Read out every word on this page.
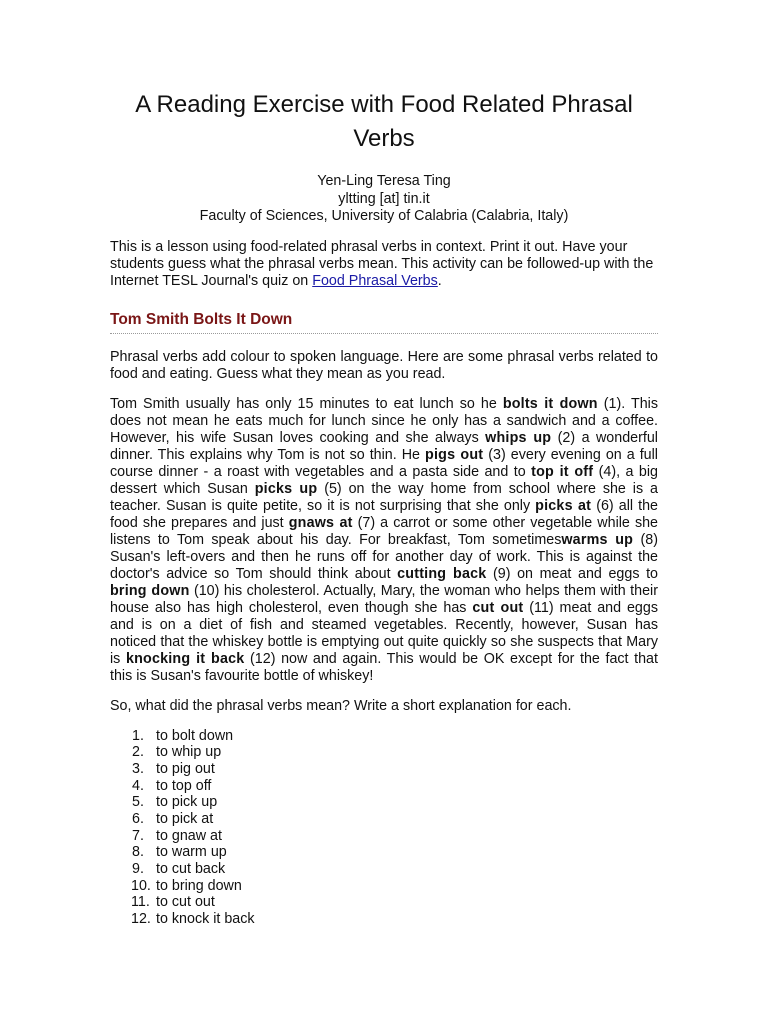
A Reading Exercise with Food Related Phrasal Verbs
Yen-Ling Teresa Ting
yltting [at] tin.it
Faculty of Sciences, University of Calabria (Calabria, Italy)

This is a lesson using food-related phrasal verbs in context. Print it out. Have your students guess what the phrasal verbs mean. This activity can be followed-up with the Internet TESL Journal's quiz on Food Phrasal Verbs.

Tom Smith Bolts It Down

Phrasal verbs add colour to spoken language. Here are some phrasal verbs related to food and eating. Guess what they mean as you read.

Tom Smith usually has only 15 minutes to eat lunch so he bolts it down (1). This does not mean he eats much for lunch since he only has a sandwich and a coffee. However, his wife Susan loves cooking and she always whips up (2) a wonderful dinner. This explains why Tom is not so thin. He pigs out (3) every evening on a full course dinner - a roast with vegetables and a pasta side and to top it off (4), a big dessert which Susan picks up (5) on the way home from school where she is a teacher. Susan is quite petite, so it is not surprising that she only picks at (6) all the food she prepares and just gnaws at (7) a carrot or some other vegetable while she listens to Tom speak about his day. For breakfast, Tom sometimeswarms up (8) Susan's left-overs and then he runs off for another day of work. This is against the doctor's advice so Tom should think about cutting back (9) on meat and eggs to bring down (10) his cholesterol. Actually, Mary, the woman who helps them with their house also has high cholesterol, even though she has cut out (11) meat and eggs and is on a diet of fish and steamed vegetables. Recently, however, Susan has noticed that the whiskey bottle is emptying out quite quickly so she suspects that Mary is knocking it back (12) now and again. This would be OK except for the fact that this is Susan's favourite bottle of whiskey!

So, what did the phrasal verbs mean? Write a short explanation for each.

1. to bolt down
2. to whip up
3. to pig out
4. to top off
5. to pick up
6. to pick at
7. to gnaw at
8. to warm up
9. to cut back
10. to bring down
11. to cut out
12. to knock it back
